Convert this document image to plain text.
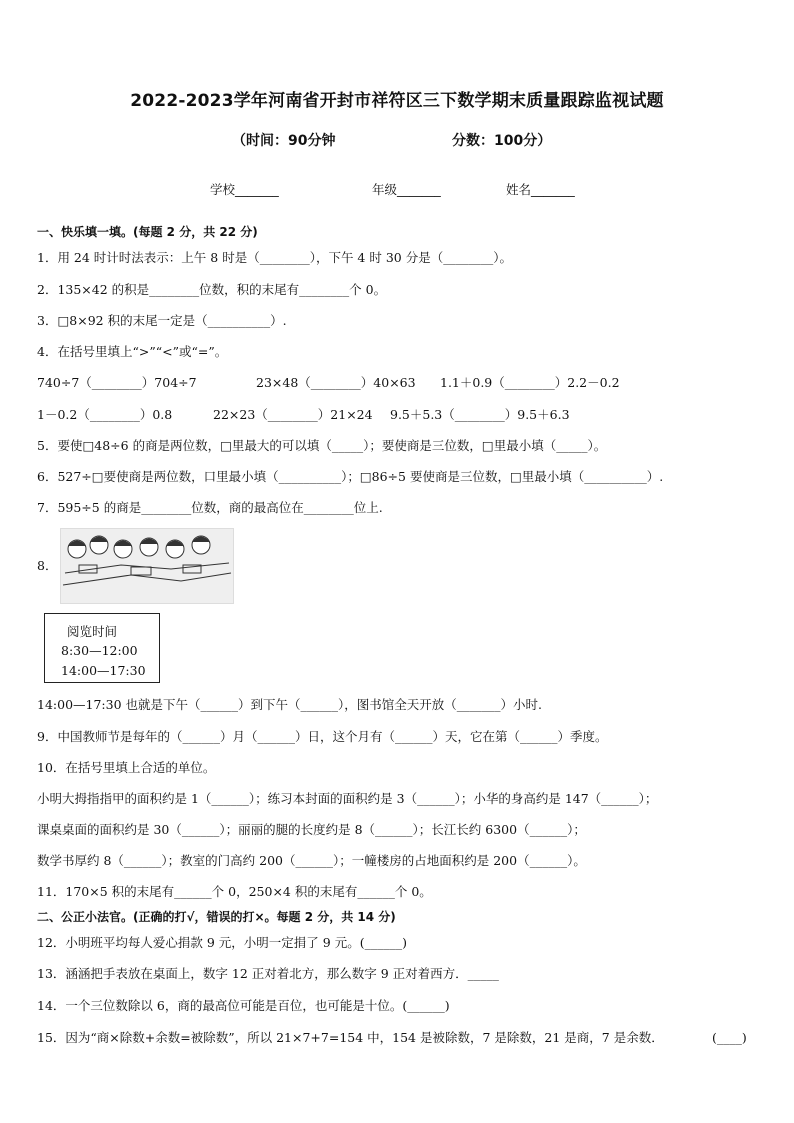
2022-2023学年河南省开封市祥符区三下数学期末质量跟踪监视试题
（时间：90分钟	分数：100分）
学校_______	年级_______	姓名_______
一、快乐填一填。(每题 2 分，共 22 分)
1．用 24 时计时法表示：上午 8 时是（________），下午 4 时 30 分是（________）。
2．135×42 的积是________位数，积的末尾有________个 0。
3．□8×92 积的末尾一定是（__________）.
4．在括号里填上“>”“<”或“=”。
740÷7（________）704÷7	23×48（________）40×63 1.1＋0.9（________）2.2－0.2
1－0.2（________）0.8	22×23（________）21×24 9.5＋5.3（________）9.5＋6.3
5．要使□48÷6 的商是两位数，□里最大的可以填（_____）；要使商是三位数，□里最小填（_____）。
6．527÷□要使商是两位数，口里最小填（__________）；□86÷5 要使商是三位数，□里最小填（__________）.
7．595÷5 的商是________位数，商的最高位在________位上.
8．
阅览时间
8:30—12:00
14:00—17:30
14:00—17:30 也就是下午（______）到下午（______），图书馆全天开放（_______）小时.
9．中国教师节是每年的（______）月（______）日，这个月有（______）天，它在第（______）季度。
10．在括号里填上合适的单位。
小明大拇指指甲的面积约是 1（______）；练习本封面的面积约是 3（______）；小华的身高约是 147（______）；
课桌桌面的面积约是 30（______）；丽丽的腿的长度约是 8（______）；长江长约 6300（______）；
数学书厚约 8（______）；教室的门高约 200（______）；一幢楼房的占地面积约是 200（______）。
11．170×5 积的末尾有______个 0，250×4 积的末尾有______个 0。
二、公正小法官。(正确的打√，错误的打×。每题 2 分，共 14 分)
12．小明班平均每人爱心捐款 9 元，小明一定捐了 9 元。(______)
13．涵涵把手表放在桌面上，数字 12 正对着北方，那么数字 9 正对着西方．_____
14．一个三位数除以 6，商的最高位可能是百位，也可能是十位。(______)
15．因为“商×除数+余数=被除数”，所以 21×7+7=154 中，154 是被除数，7 是除数，21 是商，7 是余数．	(____)
